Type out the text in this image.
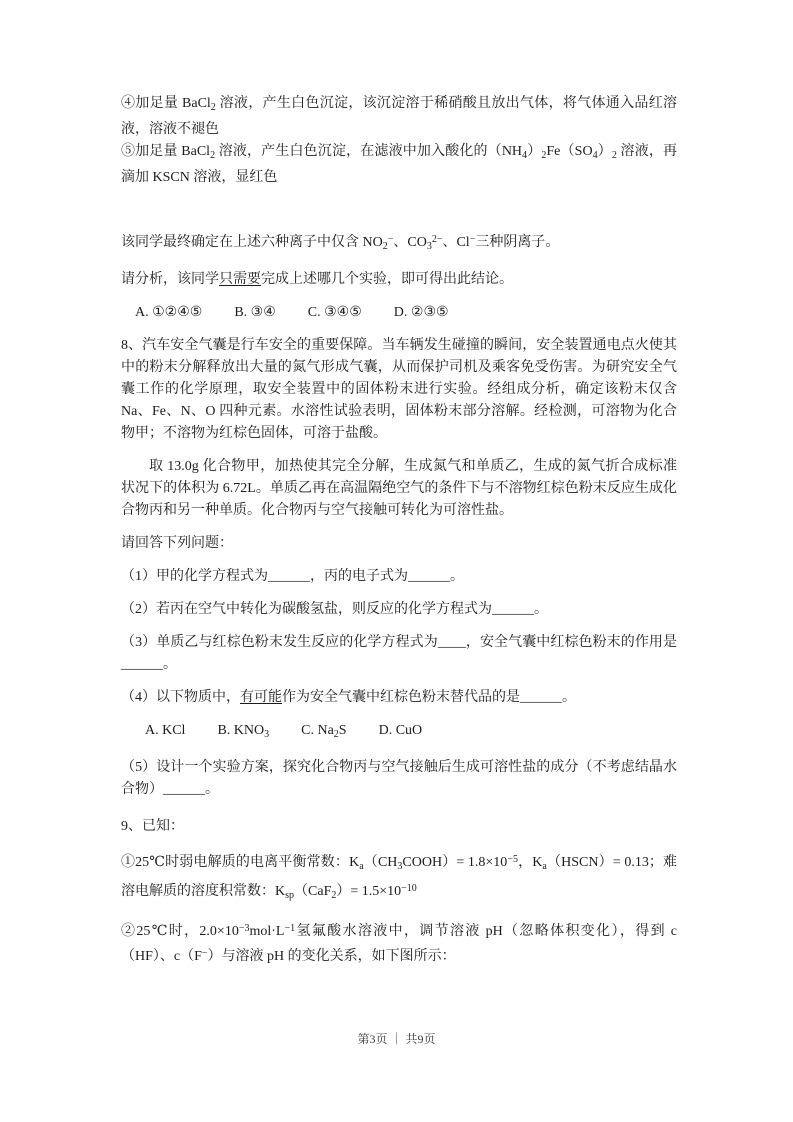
④加足量 BaCl$_2$ 溶液，产生白色沉淀，该沉淀溶于稀硝酸且放出气体，将气体通入品红溶液，溶液不褪色
⑤加足量 BaCl$_2$ 溶液，产生白色沉淀，在滤液中加入酸化的$(NH_4)_2Fe(SO_4)_2$ 溶液，再滴加 KSCN 溶液，显红色
该同学最终确定在上述六种离子中仅含 $NO_2^-$、$CO_3^{2-}$、Cl−三种阴离子。
请分析，该同学只需要完成上述哪几个实验，即可得出此结论。
A. ①②④⑤ B. ③④ C. ③④⑤ D. ②③⑤
8、汽车安全气囊是行车安全的重要保障。当车辆发生碰撞的瞬间，安全装置通电点火使其中的粉末分解释放出大量的氮气形成气囊，从而保护司机及乘客免受伤害。为研究安全气囊工作的化学原理，取安全装置中的固体粉末进行实验。经组成分析，确定该粉末仅含 Na、Fe、N、O 四种元素。水溶性试验表明，固体粉末部分溶解。经检测，可溶物为化合物甲；不溶物为红棕色固体，可溶于盐酸。
取 13.0g 化合物甲，加热使其完全分解，生成氮气和单质乙，生成的氮气折合成标准状况下的体积为 6.72L。单质乙再在高温隔绝空气的条件下与不溶物红棕色粉末反应生成化合物丙和另一种单质。化合物丙与空气接触可转化为可溶性盐。
请回答下列问题：
（1）甲的化学方程式为______，丙的电子式为______。
（2）若丙在空气中转化为碳酸氢盐，则反应的化学方程式为______。
（3）单质乙与红棕色粉末发生反应的化学方程式为____，安全气囊中红棕色粉末的作用是______。
（4）以下物质中，有可能作为安全气囊中红棕色粉末替代品的是______。
A. KCl B. $KNO_3$ C. $Na_2S$ D. CuO
（5）设计一个实验方案，探究化合物丙与空气接触后生成可溶性盐的成分（不考虑结晶水合物）______。
9、已知：
①25℃时弱电解质的电离平衡常数：$K_a(CH_3COOH)= 1.8\times 10^{-5}$，$K_a(HSCN)= 0.13$；难溶电解质的溶度积常数：$K_{sp}(CaF_2)= 1.5\times 10^{-10}$
②25℃时，$2.0\times 10^{-3}mol\cdot L^{-1}$氢氟酸水溶液中，调节溶液 pH（忽略体积变化），得到 c（HF）、c（F−）与溶液 pH 的变化关系，如下图所示：
第3页 ｜ 共9页
